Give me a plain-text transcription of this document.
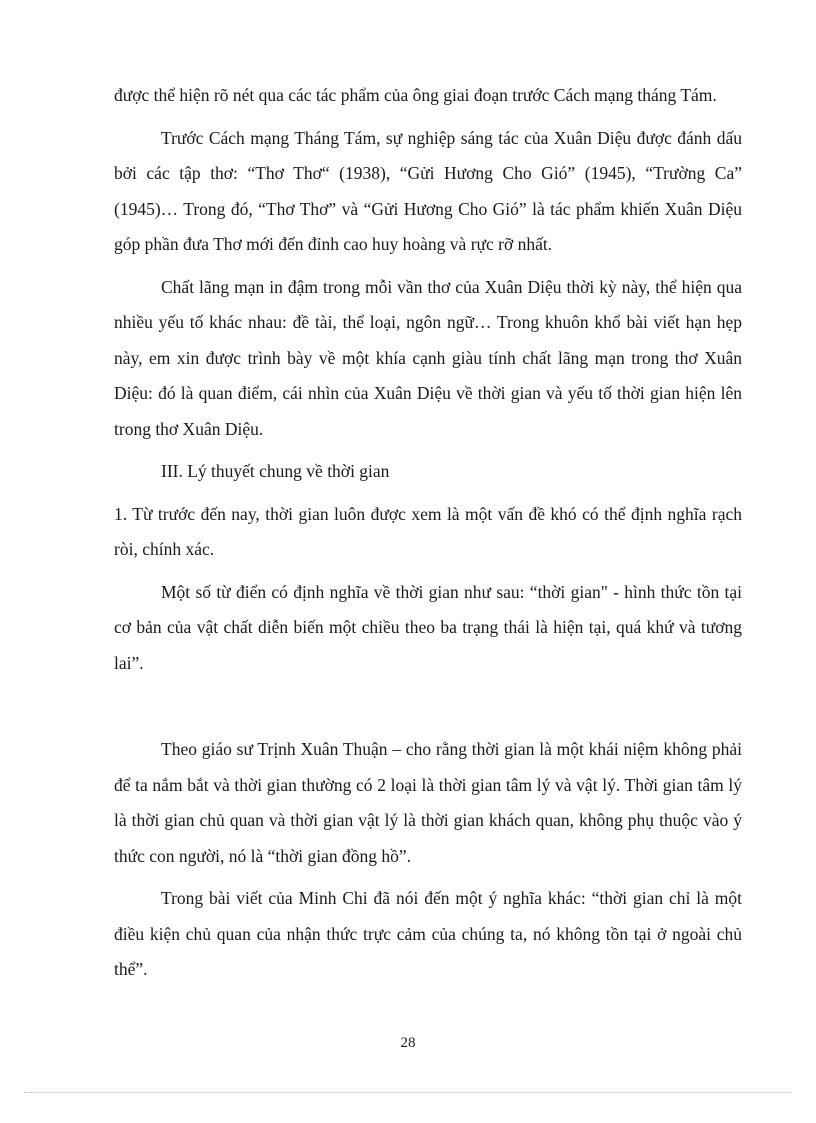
được thể hiện rõ nét qua các tác phẩm của ông giai đoạn trước Cách mạng tháng Tám.

Trước Cách mạng Tháng Tám, sự nghiệp sáng tác của Xuân Diệu được đánh dấu bởi các tập thơ: “Thơ Thơ“ (1938), “Gửi Hương Cho Gió” (1945), “Trường Ca” (1945)… Trong đó, “Thơ Thơ” và “Gửi Hương Cho Gió” là tác phẩm khiến Xuân Diệu góp phần đưa Thơ mới đến đỉnh cao huy hoàng và rực rỡ nhất.

Chất lãng mạn in đậm trong mỗi vần thơ của Xuân Diệu thời kỳ này, thể hiện qua nhiều yếu tố khác nhau: đề tài, thể loại, ngôn ngữ… Trong khuôn khổ bài viết hạn hẹp này, em xin được trình bày về một khía cạnh giàu tính chất lãng mạn trong thơ Xuân Diệu: đó là quan điểm, cái nhìn của Xuân Diệu về thời gian và yếu tố thời gian hiện lên trong thơ Xuân Diệu.

III. Lý thuyết chung về thời gian

1. Từ trước đến nay, thời gian luôn được xem là một vấn đề khó có thể định nghĩa rạch ròi, chính xác.

Một số từ điển có định nghĩa về thời gian như sau: “thời gian" - hình thức tồn tại cơ bản của vật chất diễn biến một chiều theo ba trạng thái là hiện tại, quá khứ và tương lai”.

Theo giáo sư Trịnh Xuân Thuận – cho rằng thời gian là một khái niệm không phải để ta nắm bắt và thời gian thường có 2 loại là thời gian tâm lý và vật lý. Thời gian tâm lý là thời gian chủ quan và thời gian vật lý là thời gian khách quan, không phụ thuộc vào ý thức con người, nó là “thời gian đồng hồ”.

Trong bài viết của Minh Chi đã nói đến một ý nghĩa khác: “thời gian chỉ là một điều kiện chủ quan của nhận thức trực cảm của chúng ta, nó không tồn tại ở ngoài chủ thể”.

28
